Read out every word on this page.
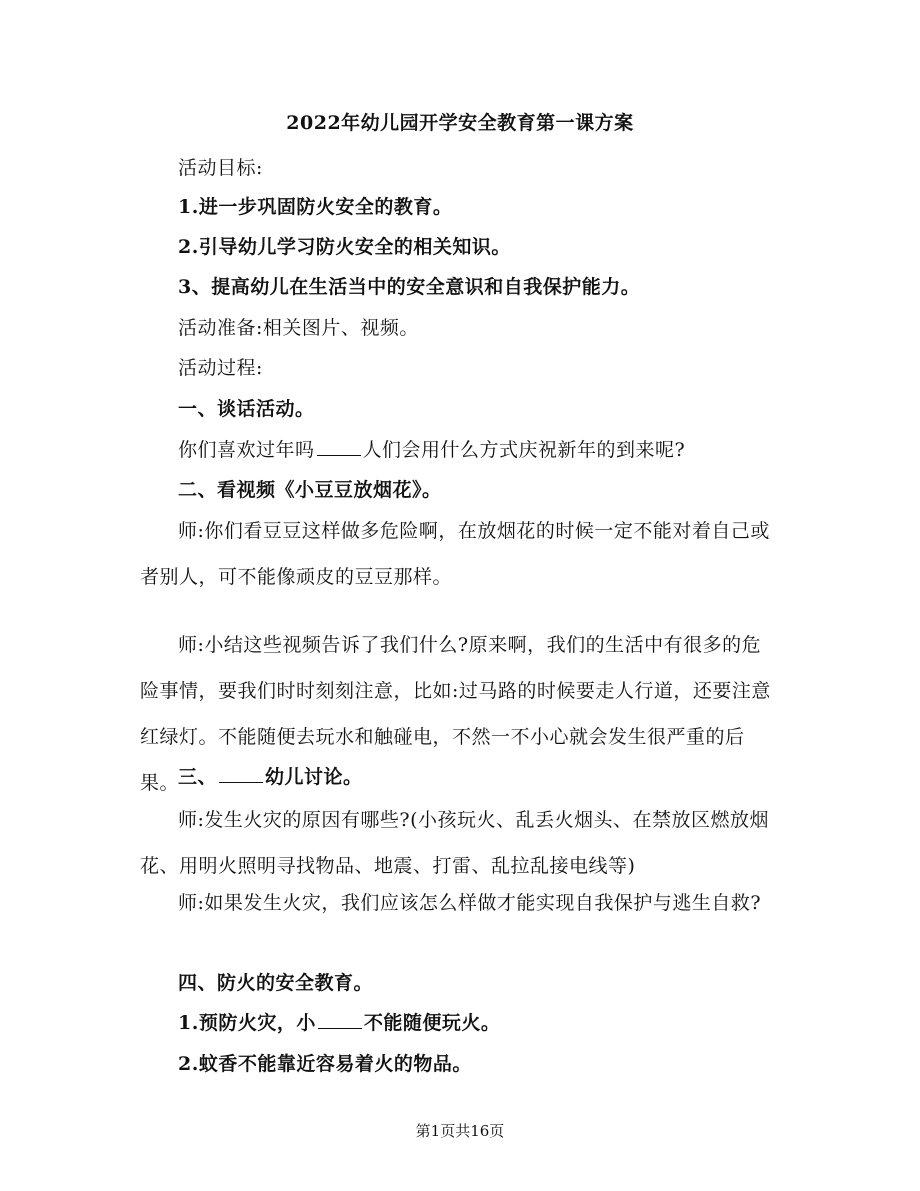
2022年幼儿园开学安全教育第一课方案

活动目标:

1.进一步巩固防火安全的教育。

2.引导幼儿学习防火安全的相关知识。

3、提高幼儿在生活当中的安全意识和自我保护能力。

活动准备:相关图片、视频。

活动过程:

一、谈话活动。

你们喜欢过年吗	人们会用什么方式庆祝新年的到来呢?

二、看视频《小豆豆放烟花》。

师:你们看豆豆这样做多危险啊，在放烟花的时候一定不能对着自己或者别人，可不能像顽皮的豆豆那样。

师:小结这些视频告诉了我们什么?原来啊，我们的生活中有很多的危险事情，要我们时时刻刻注意，比如:过马路的时候要走人行道，还要注意红绿灯。不能随便去玩水和触碰电，不然一不小心就会发生很严重的后果。

三、	幼儿讨论。

师:发生火灾的原因有哪些?(小孩玩火、乱丢火烟头、在禁放区燃放烟花、用明火照明寻找物品、地震、打雷、乱拉乱接电线等)

师:如果发生火灾，我们应该怎么样做才能实现自我保护与逃生自救?

四、防火的安全教育。

1.预防火灾，小	不能随便玩火。

2.蚊香不能靠近容易着火的物品。

第1页共16页
